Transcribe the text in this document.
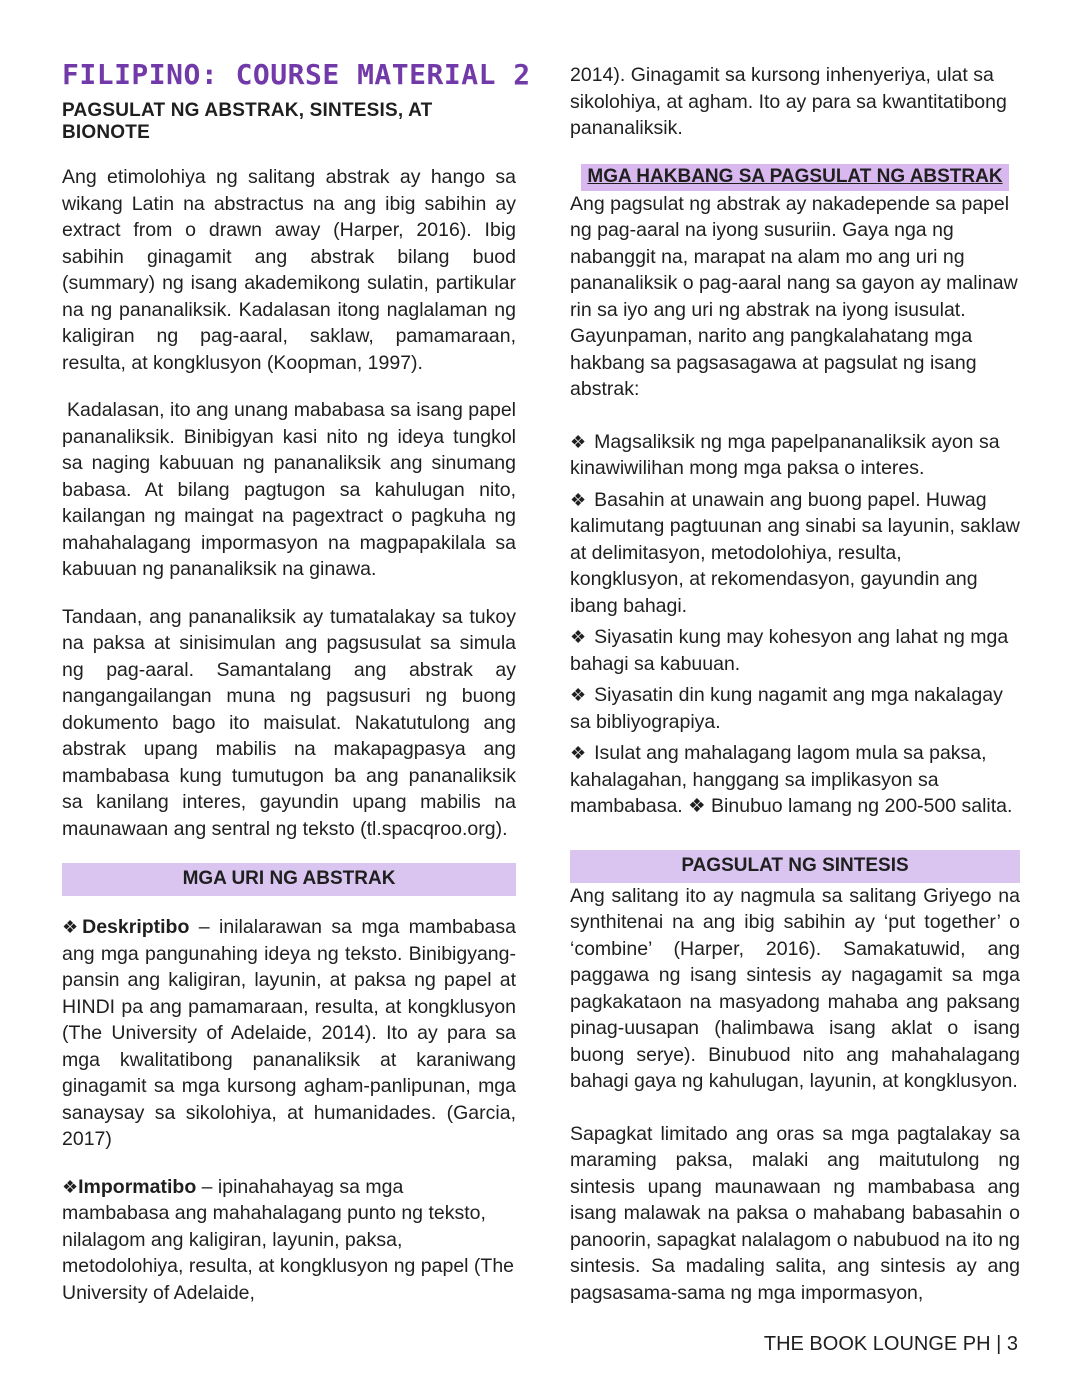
FILIPINO: COURSE MATERIAL 2
PAGSULAT NG ABSTRAK, SINTESIS, AT BIONOTE

Ang etimolohiya ng salitang abstrak ay hango sa wikang Latin na abstractus na ang ibig sabihin ay extract from o drawn away (Harper, 2016). Ibig sabihin ginagamit ang abstrak bilang buod (summary) ng isang akademikong sulatin, partikular na ng pananaliksik. Kadalasan itong naglalaman ng kaligiran ng pag-aaral, saklaw, pamamaraan, resulta, at kongklusyon (Koopman, 1997).

Kadalasan, ito ang unang mababasa sa isang papel pananaliksik. Binibigyan kasi nito ng ideya tungkol sa naging kabuuan ng pananaliksik ang sinumang babasa. At bilang pagtugon sa kahulugan nito, kailangan ng maingat na pagextract o pagkuha ng mahahalagang impormasyon na magpapakilala sa kabuuan ng pananaliksik na ginawa.

Tandaan, ang pananaliksik ay tumatalakay sa tukoy na paksa at sinisimulan ang pagsusulat sa simula ng pag-aaral. Samantalang ang abstrak ay nangangailangan muna ng pagsusuri ng buong dokumento bago ito maisulat. Nakatutulong ang abstrak upang mabilis na makapagpasya ang mambabasa kung tumutugon ba ang pananaliksik sa kanilang interes, gayundin upang mabilis na maunawaan ang sentral ng teksto (tl.spacqroo.org).

MGA URI NG ABSTRAK

❖Deskriptibo – inilalarawan sa mga mambabasa ang mga pangunahing ideya ng teksto. Binibigyang-pansin ang kaligiran, layunin, at paksa ng papel at HINDI pa ang pamamaraan, resulta, at kongklusyon (The University of Adelaide, 2014). Ito ay para sa mga kwalitatibong pananaliksik at karaniwang ginagamit sa mga kursong agham-panlipunan, mga sanaysay sa sikolohiya, at humanidades. (Garcia, 2017)

❖Impormatibo – ipinahahayag sa mga mambabasa ang mahahalagang punto ng teksto, nilalagom ang kaligiran, layunin, paksa, metodolohiya, resulta, at kongklusyon ng papel (The University of Adelaide,

2014). Ginagamit sa kursong inhenyeriya, ulat sa sikolohiya, at agham. Ito ay para sa kwantitatibong pananaliksik.

MGA HAKBANG SA PAGSULAT NG ABSTRAK

Ang pagsulat ng abstrak ay nakadepende sa papel ng pag-aaral na iyong susuriin. Gaya nga ng nabanggit na, marapat na alam mo ang uri ng pananaliksik o pag-aaral nang sa gayon ay malinaw rin sa iyo ang uri ng abstrak na iyong isusulat. Gayunpaman, narito ang pangkalahatang mga hakbang sa pagsasagawa at pagsulat ng isang abstrak:

❖ Magsaliksik ng mga papelpananaliksik ayon sa kinawiwilihan mong mga paksa o interes.
❖ Basahin at unawain ang buong papel. Huwag kalimutang pagtuunan ang sinabi sa layunin, saklaw at delimitasyon, metodolohiya, resulta, kongklusyon, at rekomendasyon, gayundin ang ibang bahagi.
❖ Siyasatin kung may kohesyon ang lahat ng mga bahagi sa kabuuan.
❖ Siyasatin din kung nagamit ang mga nakalagay sa bibliyograpiya.
❖ Isulat ang mahalagang lagom mula sa paksa, kahalagahan, hanggang sa implikasyon sa mambabasa. ❖ Binubuo lamang ng 200-500 salita.
PAGSULAT NG SINTESIS

Ang salitang ito ay nagmula sa salitang Griyego na synthitenai na ang ibig sabihin ay ‘put together’ o ‘combine’ (Harper, 2016). Samakatuwid, ang paggawa ng isang sintesis ay nagagamit sa mga pagkakataon na masyadong mahaba ang paksang pinag-uusapan (halimbawa isang aklat o isang buong serye). Binubuod nito ang mahahalagang bahagi gaya ng kahulugan, layunin, at kongklusyon.

Sapagkat limitado ang oras sa mga pagtalakay sa maraming paksa, malaki ang maitutulong ng sintesis upang maunawaan ng mambabasa ang isang malawak na paksa o mahabang babasahin o panoorin, sapagkat nalalagom o nabubuod na ito ng sintesis. Sa madaling salita, ang sintesis ay ang pagsasama-sama ng mga impormasyon,

THE BOOK LOUNGE PH | 3
